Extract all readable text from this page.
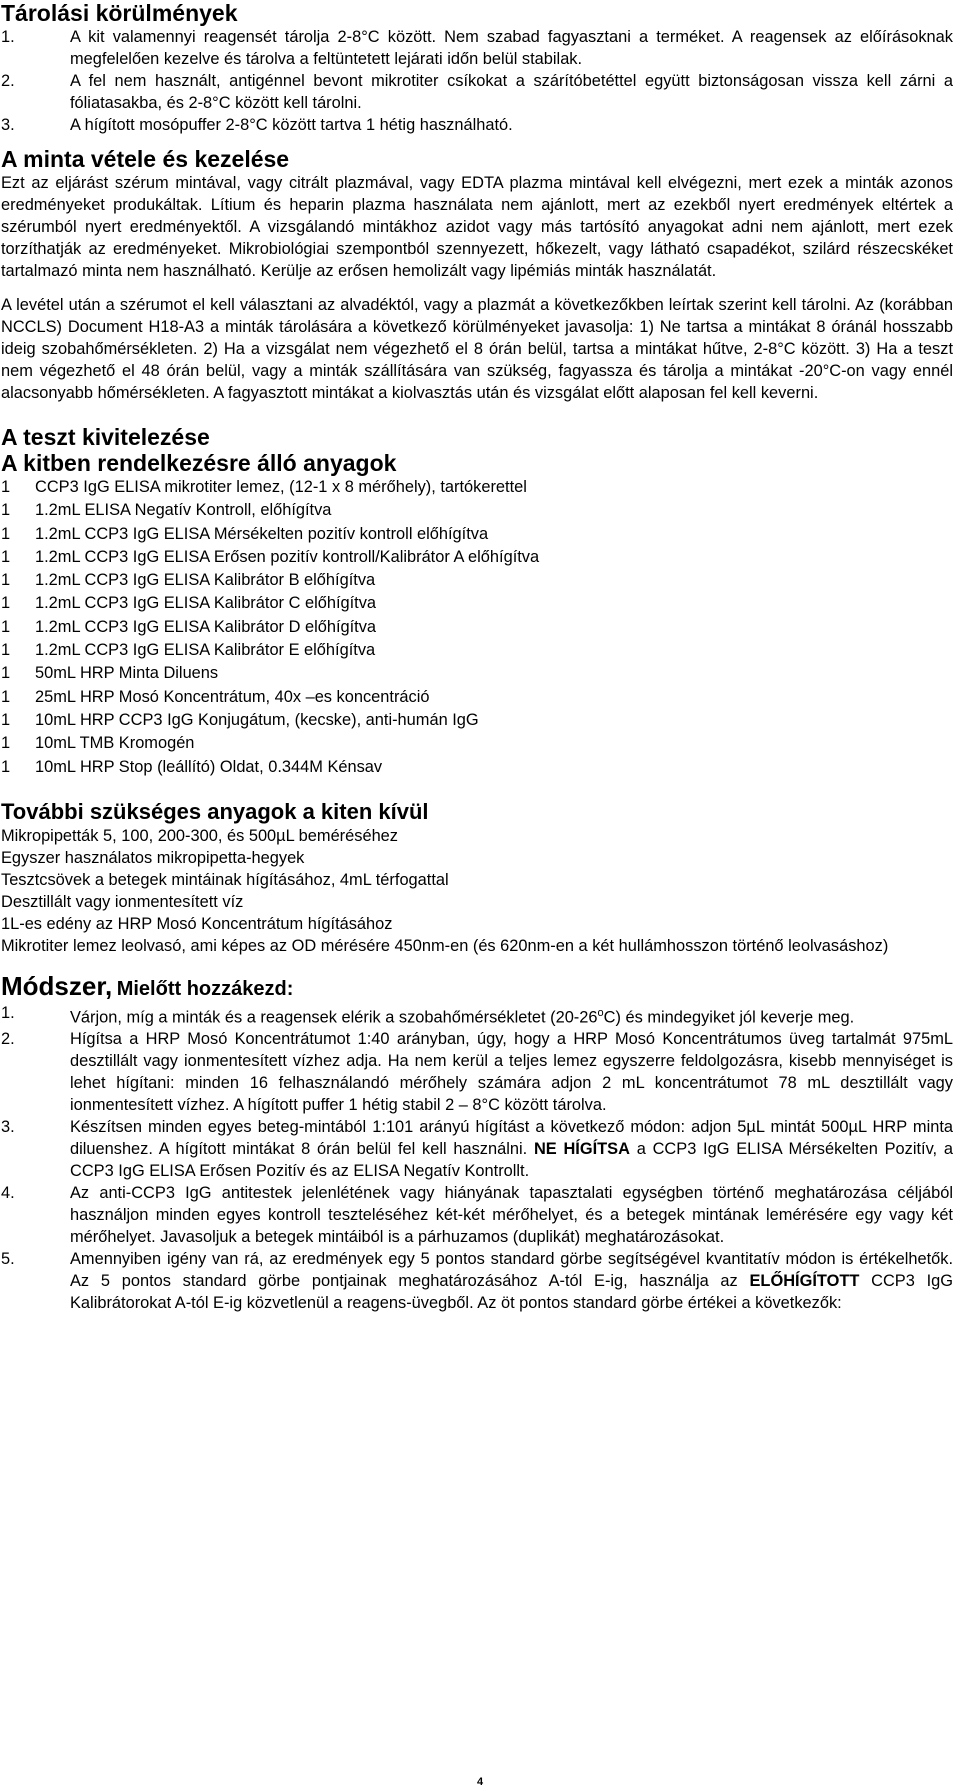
Tárolási körülmények
1.	A kit valamennyi reagensét tárolja 2-8°C között. Nem szabad fagyasztani a terméket. A reagensek az előírásoknak megfelelően kezelve és tárolva a feltüntetett lejárati időn belül stabilak.
2.	A fel nem használt, antigénnel bevont mikrotiter csíkokat a szárítóbetéttel együtt biztonságosan vissza kell zárni a fóliatasakba, és 2-8°C között kell tárolni.
3.	A hígított mosópuffer 2-8°C között tartva 1 hétig használható.
A minta vétele és kezelése

Ezt az eljárást szérum mintával, vagy citrált plazmával, vagy EDTA plazma mintával kell elvégezni, mert ezek a minták azonos eredményeket produkáltak. Lítium és heparin plazma használata nem ajánlott, mert az ezekből nyert eredmények eltértek a szérumból nyert eredményektől. A vizsgálandó mintákhoz azidot vagy más tartósító anyagokat adni nem ajánlott, mert ezek torzíthatják az eredményeket. Mikrobiológiai szempontból szennyezett, hőkezelt, vagy látható csapadékot, szilárd részecskéket tartalmazó minta nem használható. Kerülje az erősen hemolizált vagy lipémiás minták használatát.

A levétel után a szérumot el kell választani az alvadéktól, vagy a plazmát a következőkben leírtak szerint kell tárolni. Az (korábban NCCLS) Document H18-A3 a minták tárolására a következő körülményeket javasolja: 1) Ne tartsa a mintákat 8 óránál hosszabb ideig szobahőmérsékleten. 2) Ha a vizsgálat nem végezhető el 8 órán belül, tartsa a mintákat hűtve, 2-8°C között. 3) Ha a teszt nem végezhető el 48 órán belül, vagy a minták szállítására van szükség, fagyassza és tárolja a mintákat -20°C-on vagy ennél alacsonyabb hőmérsékleten. A fagyasztott mintákat a kiolvasztás után és vizsgálat előtt alaposan fel kell keverni.

A teszt kivitelezése
A kitben rendelkezésre álló anyagok
1 CCP3 IgG ELISA mikrotiter lemez, (12-1 x 8 mérőhely), tartókerettel
1 1.2mL ELISA Negatív Kontroll, előhígítva
1 1.2mL CCP3 IgG ELISA Mérsékelten pozitív kontroll előhígítva
1 1.2mL CCP3 IgG ELISA Erősen pozitív kontroll/Kalibrátor A előhígítva
1 1.2mL CCP3 IgG ELISA Kalibrátor B előhígítva
1 1.2mL CCP3 IgG ELISA Kalibrátor C előhígítva
1 1.2mL CCP3 IgG ELISA Kalibrátor D előhígítva
1 1.2mL CCP3 IgG ELISA Kalibrátor E előhígítva
1 50mL HRP Minta Diluens
1 25mL HRP Mosó Koncentrátum, 40x –es koncentráció
1 10mL HRP CCP3 IgG Konjugátum, (kecske), anti-humán IgG
1 10mL TMB Kromogén
1 10mL HRP Stop (leállító) Oldat, 0.344M Kénsav
További szükséges anyagok a kiten kívül
Mikropipetták 5, 100, 200-300, és 500µL beméréséhez
Egyszer használatos mikropipetta-hegyek
Tesztcsövek a betegek mintáinak hígításához, 4mL térfogattal
Desztillált vagy ionmentesített víz
1L-es edény az HRP Mosó Koncentrátum hígításához
Mikrotiter lemez leolvasó, ami képes az OD mérésére 450nm-en (és 620nm-en a két hullámhosszon történő leolvasáshoz)
Módszer, Mielőtt hozzákezd:
1.	Várjon, míg a minták és a reagensek elérik a szobahőmérsékletet (20-26$^o$C) és mindegyiket jól keverje meg.
2.	Hígítsa a HRP Mosó Koncentrátumot 1:40 arányban, úgy, hogy a HRP Mosó Koncentrátumos üveg tartalmát 975mL desztillált vagy ionmentesített vízhez adja. Ha nem kerül a teljes lemez egyszerre feldolgozásra, kisebb mennyiséget is lehet hígítani: minden 16 felhasználandó mérőhely számára adjon 2 mL koncentrátumot 78 mL desztillált vagy ionmentesített vízhez. A hígított puffer 1 hétig stabil 2 – 8°C között tárolva.
3.	Készítsen minden egyes beteg-mintából 1:101 arányú hígítást a következő módon: adjon 5µL mintát 500µL HRP minta diluenshez. A hígított mintákat 8 órán belül fel kell használni. NE HÍGÍTSA a CCP3 IgG ELISA Mérsékelten Pozitív, a CCP3 IgG ELISA Erősen Pozitív és az ELISA Negatív Kontrollt.
4.	Az anti-CCP3 IgG antitestek jelenlétének vagy hiányának tapasztalati egységben történő meghatározása céljából használjon minden egyes kontroll teszteléséhez két-két mérőhelyet, és a betegek mintának lemérésére egy vagy két mérőhelyet. Javasoljuk a betegek mintáiból is a párhuzamos (duplikát) meghatározásokat.
5.	Amennyiben igény van rá, az eredmények egy 5 pontos standard görbe segítségével kvantitatív módon is értékelhetők. Az 5 pontos standard görbe pontjainak meghatározásához A-tól E-ig, használja az ELŐHÍGÍTOTT CCP3 IgG Kalibrátorokat A-tól E-ig közvetlenül a reagens-üvegből. Az öt pontos standard görbe értékei a következők:
4
